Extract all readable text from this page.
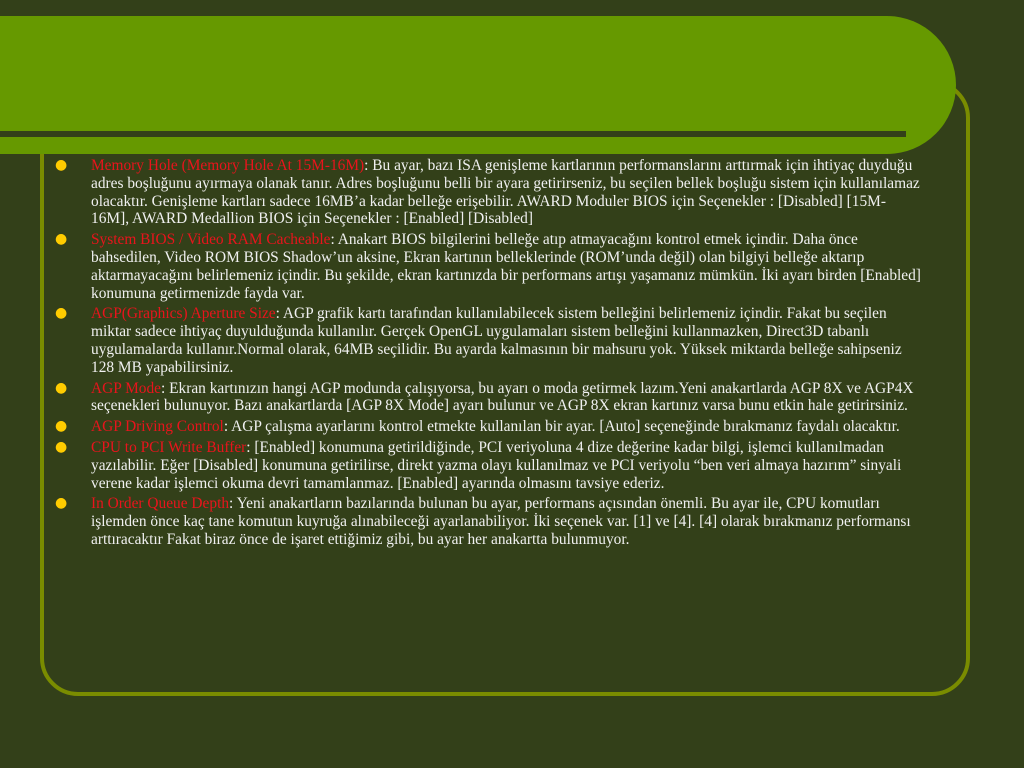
● Memory Hole (Memory Hole At 15M-16M): Bu ayar, bazı ISA genişleme kartlarının performanslarını arttırmak için ihtiyaç duyduğu adres boşluğunu ayırmaya olanak tanır. Adres boşluğunu belli bir ayara getirirseniz, bu seçilen bellek boşluğu sistem için kullanılamaz olacaktır. Genişleme kartları sadece 16MB’a kadar belleğe erişebilir. AWARD Moduler BIOS için Seçenekler : [Disabled] [15M-16M], AWARD Medallion BIOS için Seçenekler : [Enabled] [Disabled]
● System BIOS / Video RAM Cacheable: Anakart BIOS bilgilerini belleğe atıp atmayacağını kontrol etmek içindir. Daha önce bahsedilen, Video ROM BIOS Shadow’un aksine, Ekran kartının belleklerinde (ROM’unda değil) olan bilgiyi belleğe aktarıp aktarmayacağını belirlemeniz içindir. Bu şekilde, ekran kartınızda bir performans artışı yaşamanız mümkün. İki ayarı birden [Enabled] konumuna getirmenizde fayda var.
● AGP(Graphics) Aperture Size: AGP grafik kartı tarafından kullanılabilecek sistem belleğini belirlemeniz içindir. Fakat bu seçilen miktar sadece ihtiyaç duyulduğunda kullanılır. Gerçek OpenGL uygulamaları sistem belleğini kullanmazken, Direct3D tabanlı uygulamalarda kullanır.Normal olarak, 64MB seçilidir. Bu ayarda kalmasının bir mahsuru yok. Yüksek miktarda belleğe sahipseniz 128 MB yapabilirsiniz.
● AGP Mode: Ekran kartınızın hangi AGP modunda çalışıyorsa, bu ayarı o moda getirmek lazım.Yeni anakartlarda AGP 8X ve AGP4X seçenekleri bulunuyor. Bazı anakartlarda [AGP 8X Mode] ayarı bulunur ve AGP 8X ekran kartınız varsa bunu etkin hale getirirsiniz.
● AGP Driving Control: AGP çalışma ayarlarını kontrol etmekte kullanılan bir ayar. [Auto] seçeneğinde bırakmanız faydalı olacaktır.
● CPU to PCI Write Buffer: [Enabled] konumuna getirildiğinde, PCI veriyoluna 4 dize değerine kadar bilgi, işlemci kullanılmadan yazılabilir. Eğer [Disabled] konumuna getirilirse, direkt yazma olayı kullanılmaz ve PCI veriyolu “ben veri almaya hazırım” sinyali verene kadar işlemci okuma devri tamamlanmaz. [Enabled] ayarında olmasını tavsiye ederiz.
● In Order Queue Depth: Yeni anakartların bazılarında bulunan bu ayar, performans açısından önemli. Bu ayar ile, CPU komutları işlemden önce kaç tane komutun kuyruğa alınabileceği ayarlanabiliyor. İki seçenek var. [1] ve [4]. [4] olarak bırakmanız performansı arttıracaktır Fakat biraz önce de işaret ettiğimiz gibi, bu ayar her anakartta bulunmuyor.
